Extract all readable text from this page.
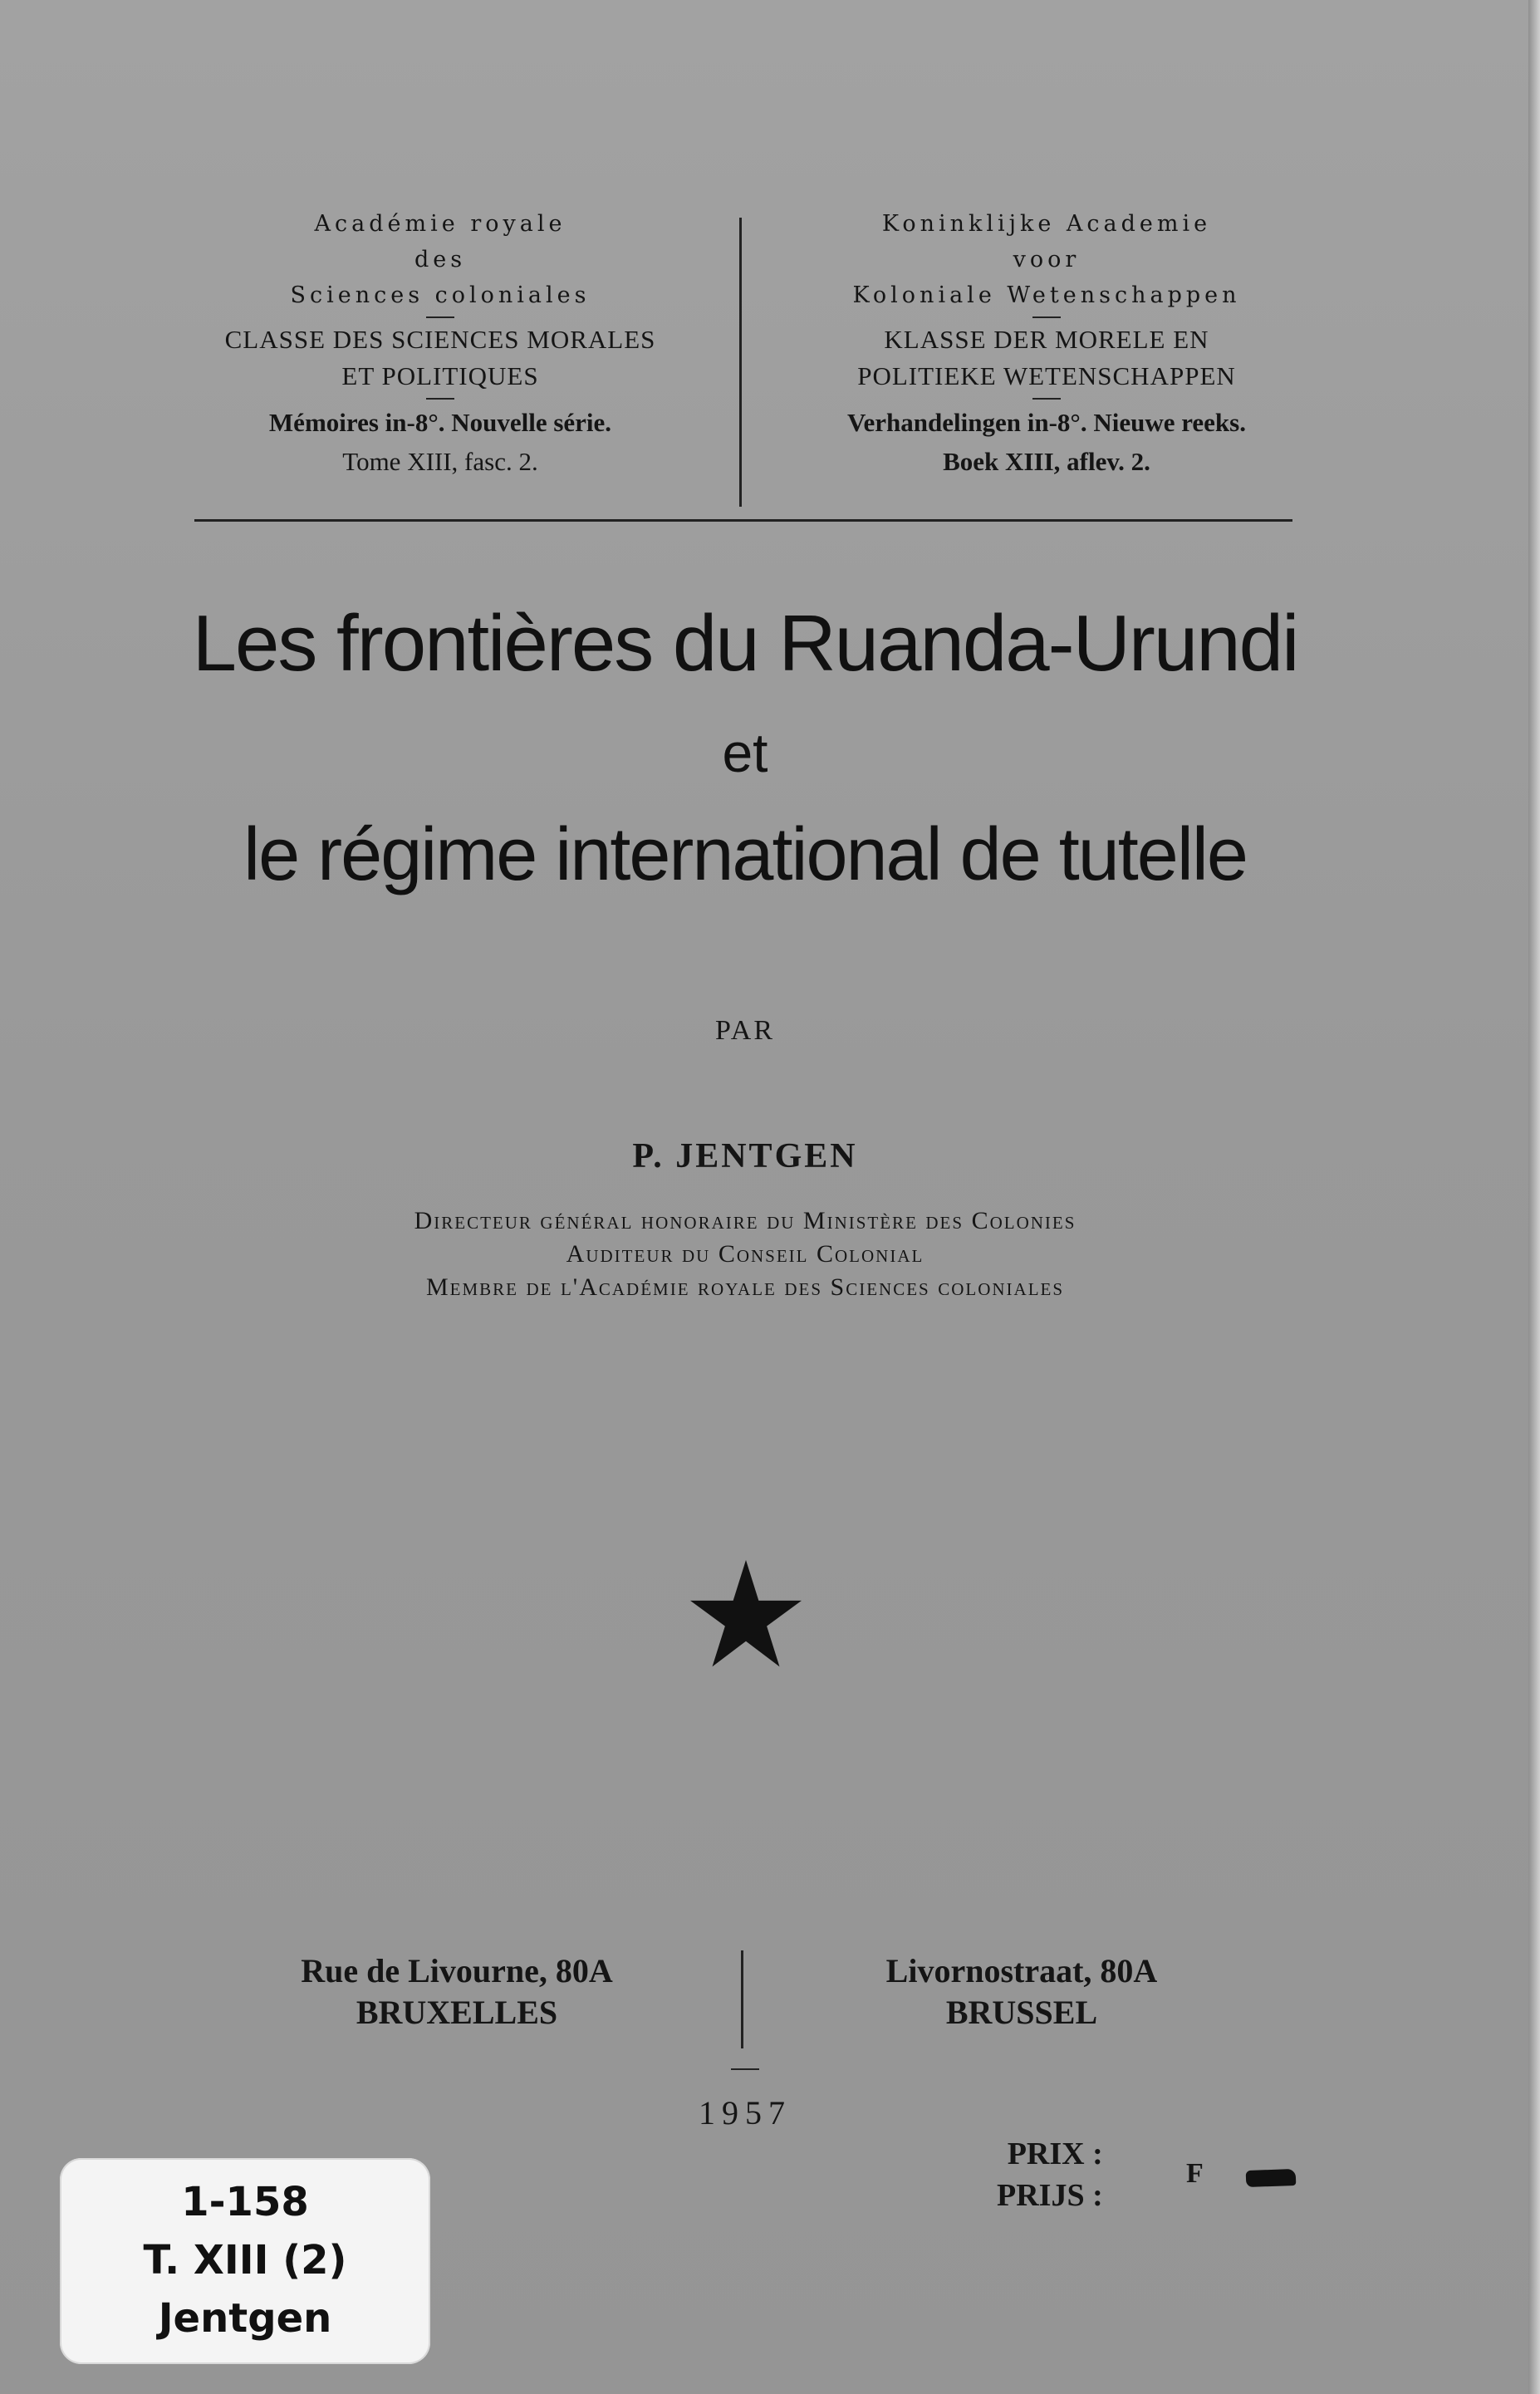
Académie royale
des
Sciences coloniales
CLASSE DES SCIENCES MORALES
ET POLITIQUES
Mémoires in-8°. Nouvelle série.
Tome XIII, fasc. 2.
Koninklijke Academie
voor
Koloniale Wetenschappen
KLASSE DER MORELE EN
POLITIEKE WETENSCHAPPEN
Verhandelingen in-8°. Nieuwe reeks.
Boek XIII, aflev. 2.
Les frontières du Ruanda-Urundi
et
le régime international de tutelle
PAR
P. JENTGEN
Directeur général honoraire du Ministère des Colonies
Auditeur du Conseil Colonial
Membre de l'Académie royale des Sciences coloniales
Rue de Livourne, 80A
BRUXELLES
Livornostraat, 80A
BRUSSEL
1957
PRIX :
PRIJS :
F
1-158
T. XIII (2)
Jentgen
